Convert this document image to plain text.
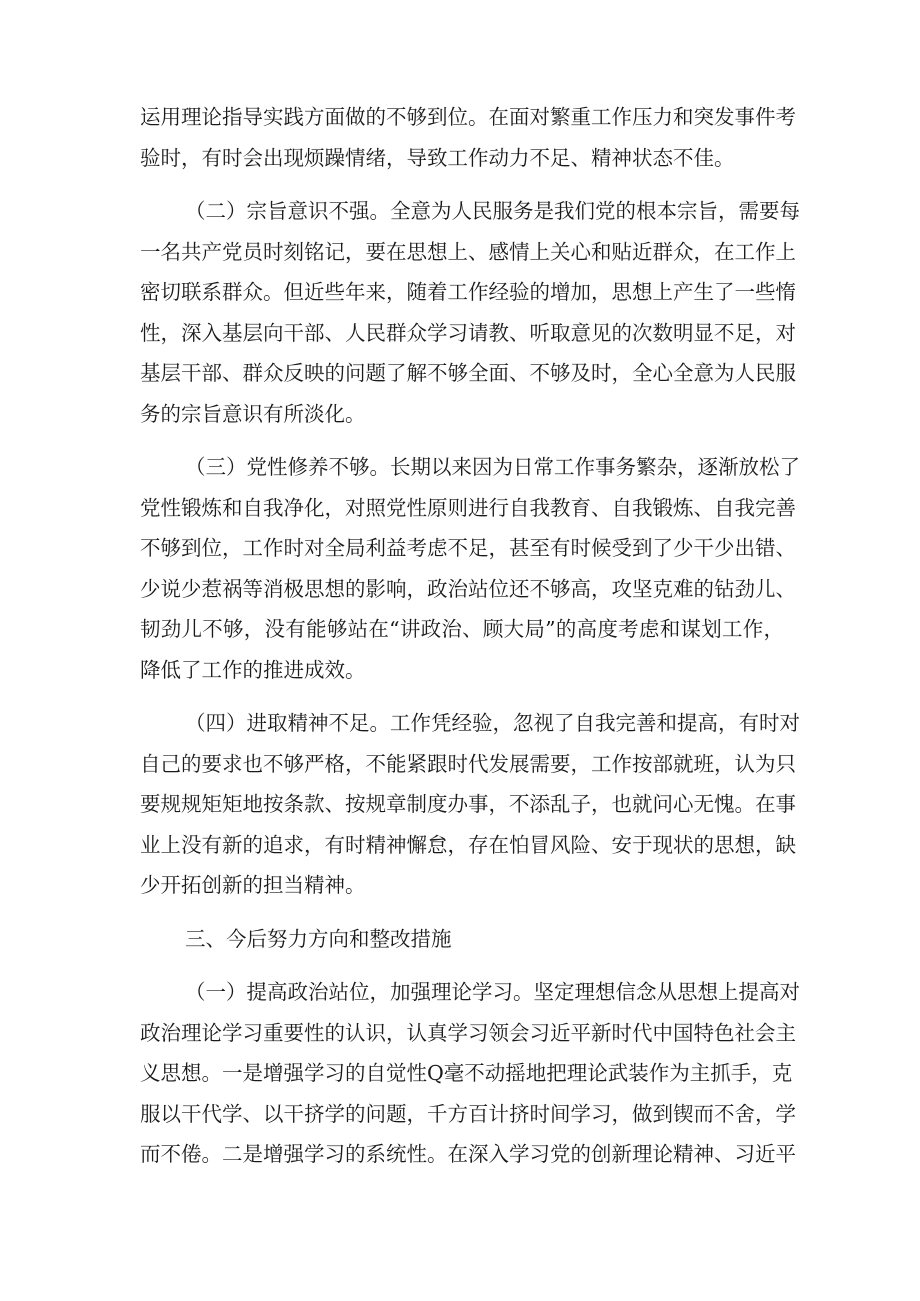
运用理论指导实践方面做的不够到位。在面对繁重工作压力和突发事件考
验时，有时会出现烦躁情绪，导致工作动力不足、精神状态不佳。
（二）宗旨意识不强。全意为人民服务是我们党的根本宗旨，需要每
一名共产党员时刻铭记，要在思想上、感情上关心和贴近群众，在工作上
密切联系群众。但近些年来，随着工作经验的增加，思想上产生了一些惰
性，深入基层向干部、人民群众学习请教、听取意见的次数明显不足，对
基层干部、群众反映的问题了解不够全面、不够及时，全心全意为人民服
务的宗旨意识有所淡化。
（三）党性修养不够。长期以来因为日常工作事务繁杂，逐渐放松了
党性锻炼和自我净化，对照党性原则进行自我教育、自我锻炼、自我完善
不够到位，工作时对全局利益考虑不足，甚至有时候受到了少干少出错、
少说少惹祸等消极思想的影响，政治站位还不够高，攻坚克难的钻劲儿、
韧劲儿不够，没有能够站在“讲政治、顾大局”的高度考虑和谋划工作，
降低了工作的推进成效。
（四）进取精神不足。工作凭经验，忽视了自我完善和提高，有时对
自己的要求也不够严格，不能紧跟时代发展需要，工作按部就班，认为只
要规规矩矩地按条款、按规章制度办事，不添乱子，也就问心无愧。在事
业上没有新的追求，有时精神懈怠，存在怕冒风险、安于现状的思想，缺
少开拓创新的担当精神。
三、今后努力方向和整改措施
（一）提高政治站位，加强理论学习。坚定理想信念从思想上提高对
政治理论学习重要性的认识，认真学习领会习近平新时代中国特色社会主
义思想。一是增强学习的自觉性Q毫不动摇地把理论武装作为主抓手，克
服以干代学、以干挤学的问题，千方百计挤时间学习，做到锲而不舍，学
而不倦。二是增强学习的系统性。在深入学习党的创新理论精神、习近平
